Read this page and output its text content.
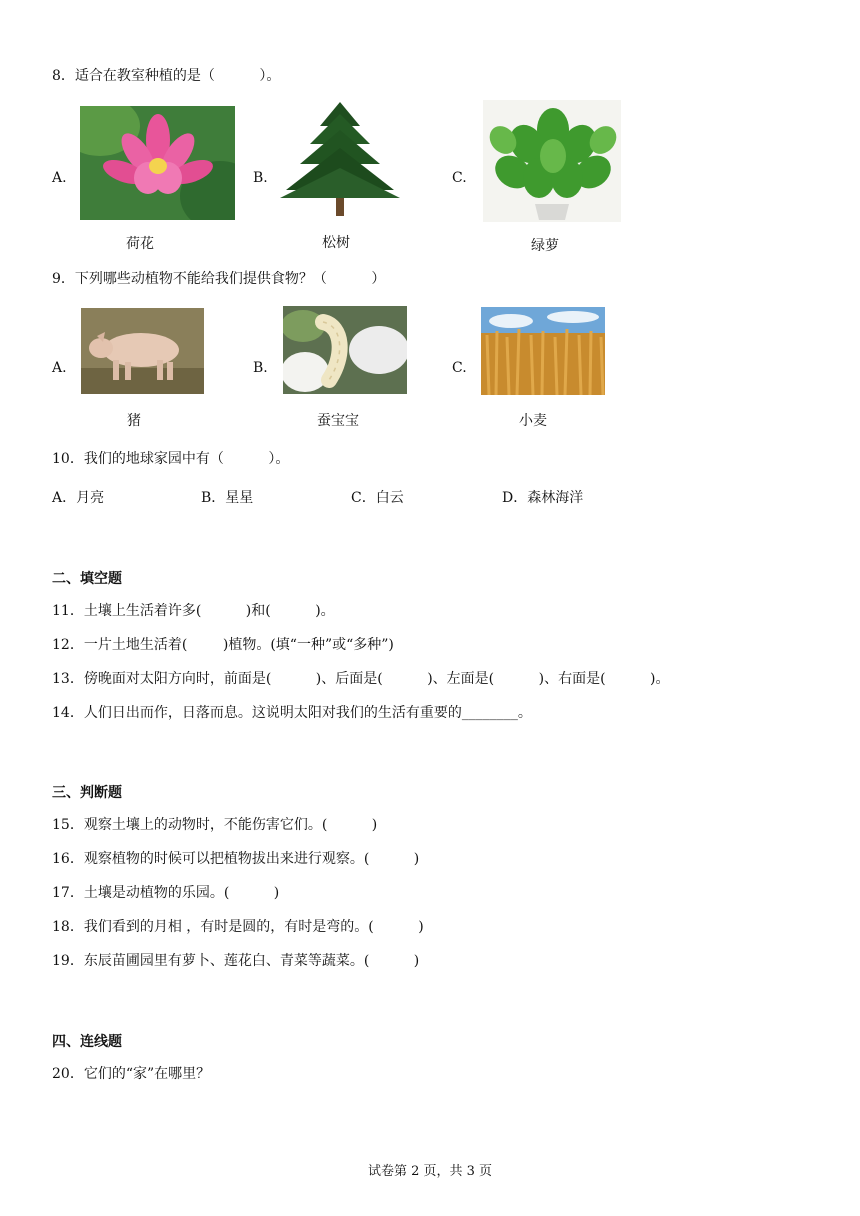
8．适合在教室种植的是（          ）。
A.
荷花
B.
松树
C.
绿萝
9．下列哪些动植物不能给我们提供食物？（          ）
A.
猪
B.
蚕宝宝
C.
小麦
10．我们的地球家园中有（          ）。
A．月亮	B．星星	C．白云	D．森林海洋
二、填空题
11．土壤上生活着许多(          )和(          )。
12．一片土地生活着(        )植物。(填“一种”或“多种”)
13．傍晚面对太阳方向时，前面是(          )、后面是(          )、左面是(          )、右面是(          )。
14．人们日出而作，日落而息。这说明太阳对我们的生活有重要的________。
三、判断题
15．观察土壤上的动物时，不能伤害它们。(          )
16．观察植物的时候可以把植物拔出来进行观察。(          )
17．土壤是动植物的乐园。(          )
18．我们看到的月相 ，有时是圆的，有时是弯的。(          )
19．东辰苗圃园里有萝卜、莲花白、青菜等蔬菜。(          )
四、连线题
20．它们的“家”在哪里？
试卷第 2 页，共 3 页
